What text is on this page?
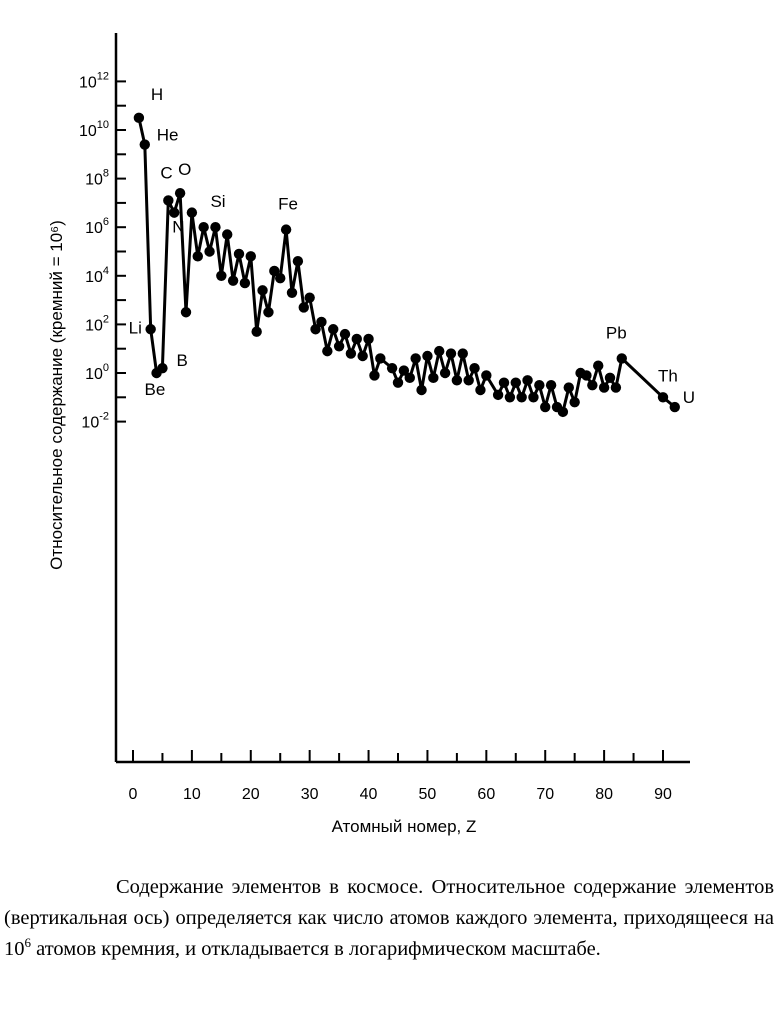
$10^{-2}$
$10^0$
$10^2$
$10^4$
$10^6$
$10^8$
$10^{10}$
$10^{12}$
0	10	20	30	40	50	60	70	80	90
H
He
Li
Be
B
C
N
O
Si	Fe
Pb
Th
U
Атомный номер, Z
Относительное содержание (кремний = 10⁶)
Содержание элементов в космосе. Относительное содержание элементов (вертикальная ось) определяется как число атомов каждого элемента, приходящееся на $10^6$ атомов кремния, и откладывается в логарифмическом масштабе.
